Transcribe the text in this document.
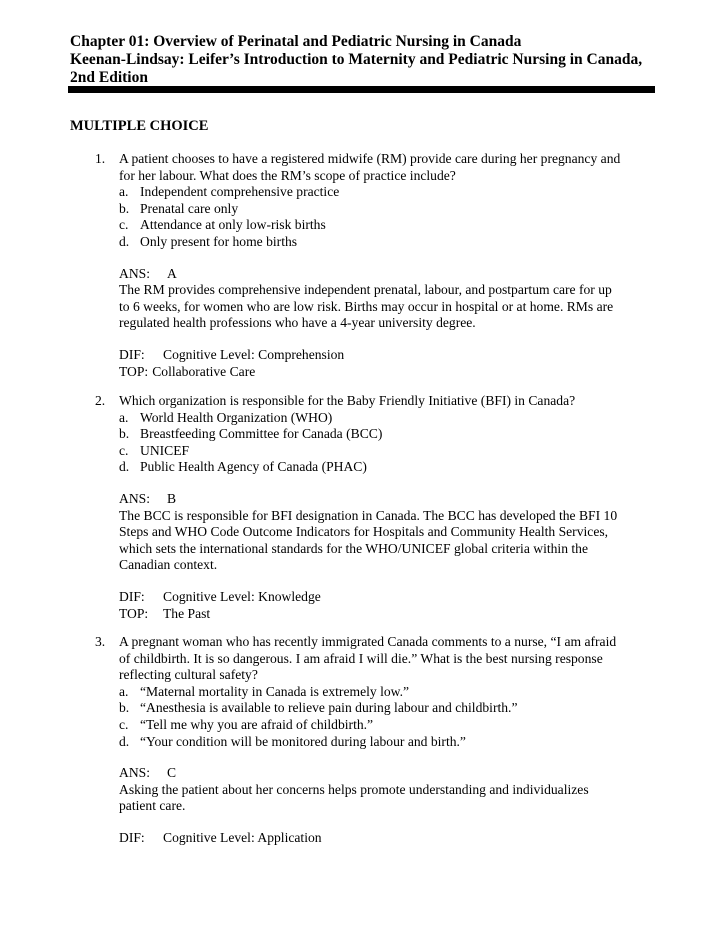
Chapter 01: Overview of Perinatal and Pediatric Nursing in Canada
Keenan-Lindsay: Leifer’s Introduction to Maternity and Pediatric Nursing in Canada,
2nd Edition
MULTIPLE CHOICE
1.	A patient chooses to have a registered midwife (RM) provide care during her pregnancy and
for her labour. What does the RM’s scope of practice include?
a. Independent comprehensive practice
b. Prenatal care only
c. Attendance at only low-risk births
d. Only present for home births
ANS: A
The RM provides comprehensive independent prenatal, labour, and postpartum care for up
to 6 weeks, for women who are low risk. Births may occur in hospital or at home. RMs are
regulated health professions who have a 4-year university degree.
DIF: Cognitive Level: Comprehension
TOP: Collaborative Care
2.	Which organization is responsible for the Baby Friendly Initiative (BFI) in Canada?
a. World Health Organization (WHO)
b. Breastfeeding Committee for Canada (BCC)
c. UNICEF
d. Public Health Agency of Canada (PHAC)
ANS: B
The BCC is responsible for BFI designation in Canada. The BCC has developed the BFI 10
Steps and WHO Code Outcome Indicators for Hospitals and Community Health Services,
which sets the international standards for the WHO/UNICEF global criteria within the
Canadian context.
DIF: Cognitive Level: Knowledge
TOP: The Past
3.	A pregnant woman who has recently immigrated Canada comments to a nurse, “I am afraid
of childbirth. It is so dangerous. I am afraid I will die.” What is the best nursing response
reflecting cultural safety?
a. “Maternal mortality in Canada is extremely low.”
b. “Anesthesia is available to relieve pain during labour and childbirth.”
c. “Tell me why you are afraid of childbirth.”
d. “Your condition will be monitored during labour and birth.”
ANS: C
Asking the patient about her concerns helps promote understanding and individualizes
patient care.
DIF: Cognitive Level: Application
